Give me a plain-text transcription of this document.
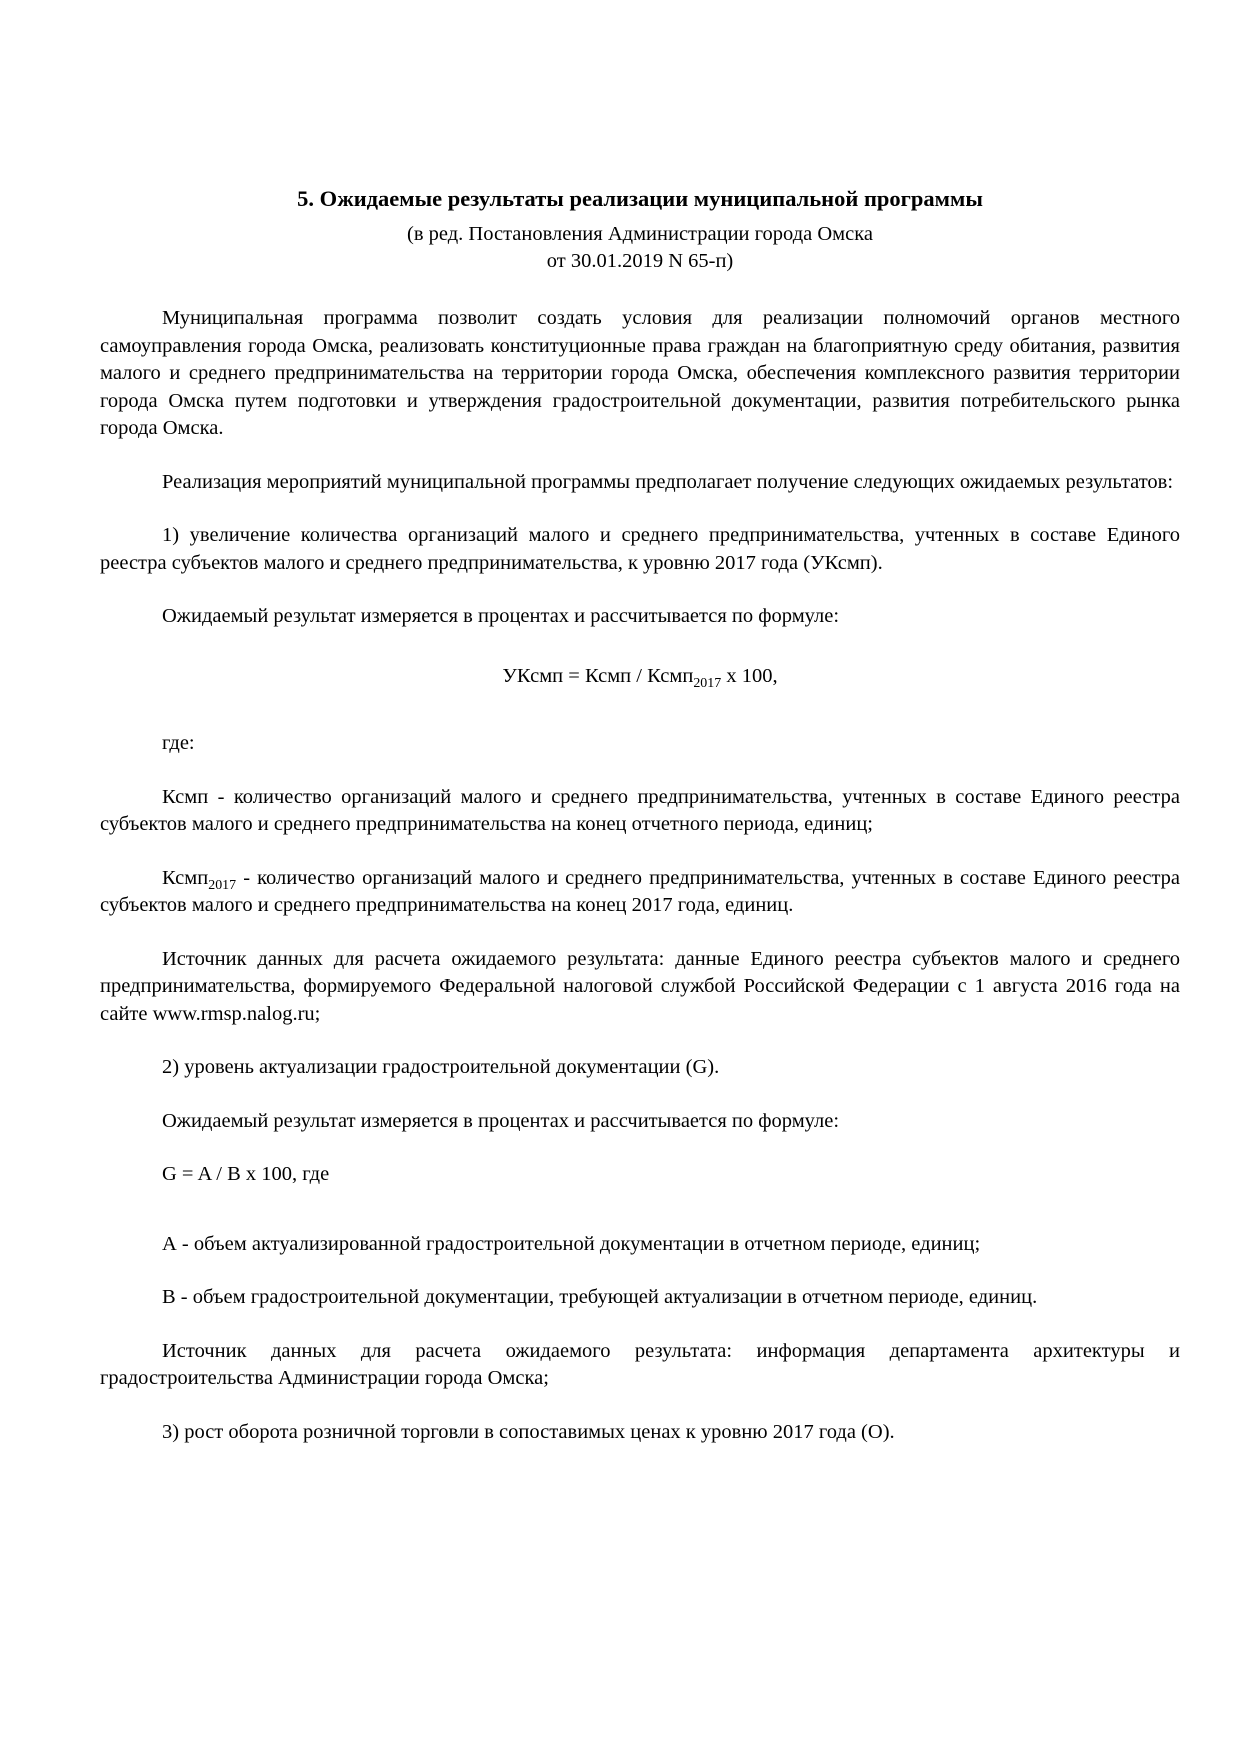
5. Ожидаемые результаты реализации муниципальной программы

(в ред. Постановления Администрации города Омска

от 30.01.2019 N 65-п)

Муниципальная программа позволит создать условия для реализации полномочий органов местного самоуправления города Омска, реализовать конституционные права граждан на благоприятную среду обитания, развития малого и среднего предпринимательства на территории города Омска, обеспечения комплексного развития территории города Омска путем подготовки и утверждения градостроительной документации, развития потребительского рынка города Омска.

Реализация мероприятий муниципальной программы предполагает получение следующих ожидаемых результатов:

1) увеличение количества организаций малого и среднего предпринимательства, учтенных в составе Единого реестра субъектов малого и среднего предпринимательства, к уровню 2017 года (УКсмп).

Ожидаемый результат измеряется в процентах и рассчитывается по формуле:

УКсмп = Ксмп / Ксмп$_{2017}$ х 100,

где:

Ксмп - количество организаций малого и среднего предпринимательства, учтенных в составе Единого реестра субъектов малого и среднего предпринимательства на конец отчетного периода, единиц;

Ксмп$_{2017}$ - количество организаций малого и среднего предпринимательства, учтенных в составе Единого реестра субъектов малого и среднего предпринимательства на конец 2017 года, единиц.

Источник данных для расчета ожидаемого результата: данные Единого реестра субъектов малого и среднего предпринимательства, формируемого Федеральной налоговой службой Российской Федерации с 1 августа 2016 года на сайте www.rmsp.nalog.ru;

2) уровень актуализации градостроительной документации (G).

Ожидаемый результат измеряется в процентах и рассчитывается по формуле:

G = A / B x 100, где

А - объем актуализированной градостроительной документации в отчетном периоде, единиц;

В - объем градостроительной документации, требующей актуализации в отчетном периоде, единиц.

Источник данных для расчета ожидаемого результата: информация департамента архитектуры и градостроительства Администрации города Омска;

3) рост оборота розничной торговли в сопоставимых ценах к уровню 2017 года (О).
